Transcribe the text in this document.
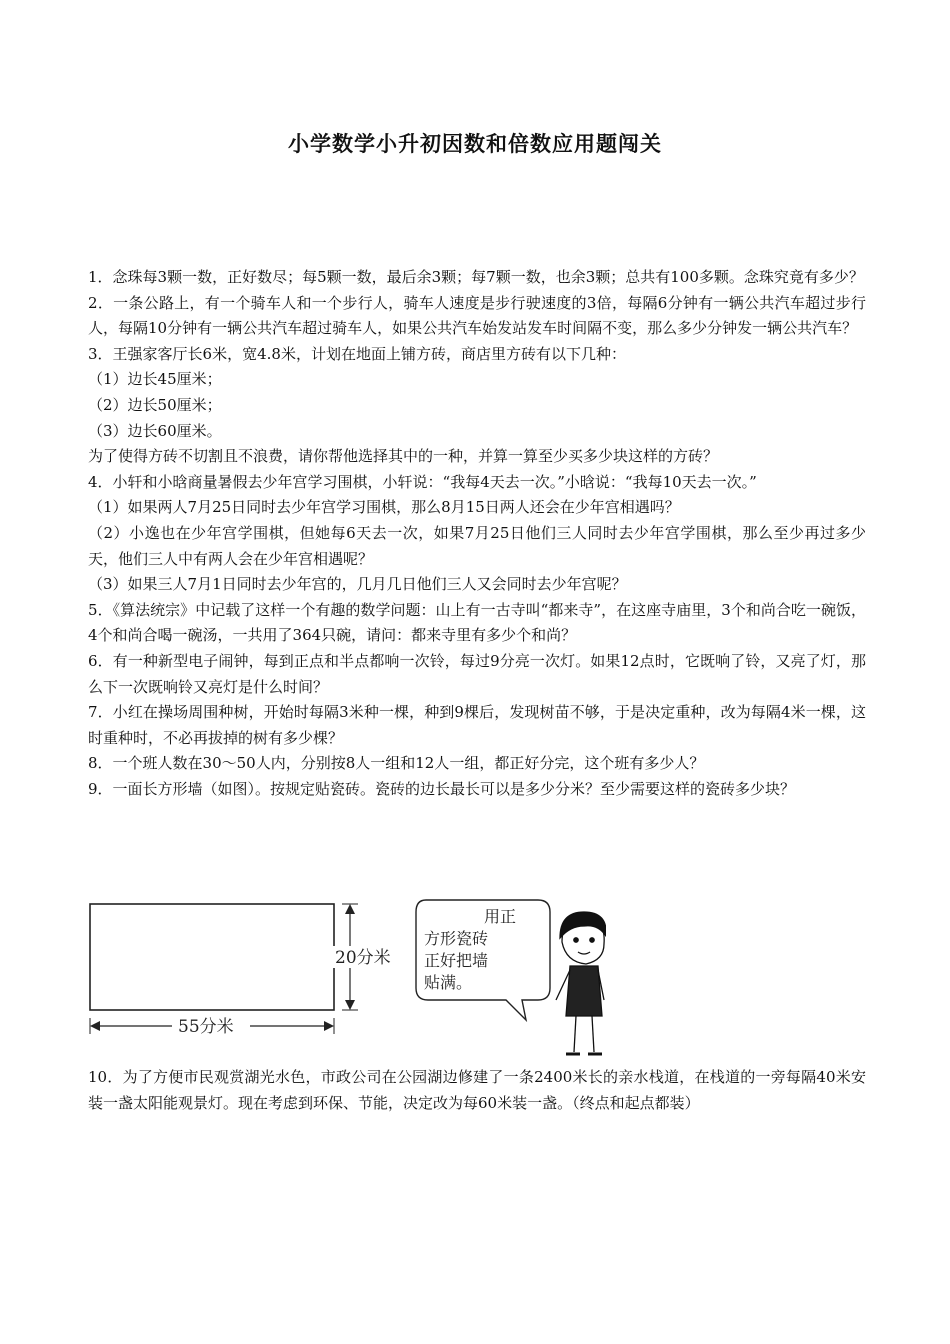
小学数学小升初因数和倍数应用题闯关

1．念珠每3颗一数，正好数尽；每5颗一数，最后余3颗；每7颗一数，也余3颗；总共有100多颗。念珠究竟有多少？

2．一条公路上，有一个骑车人和一个步行人，骑车人速度是步行驶速度的3倍，每隔6分钟有一辆公共汽车超过步行人，每隔10分钟有一辆公共汽车超过骑车人，如果公共汽车始发站发车时间隔不变，那么多少分钟发一辆公共汽车？

3．王强家客厅长6米，宽4.8米，计划在地面上铺方砖，商店里方砖有以下几种：

（1）边长45厘米；

（2）边长50厘米；

（3）边长60厘米。

为了使得方砖不切割且不浪费，请你帮他选择其中的一种，并算一算至少买多少块这样的方砖？

4．小轩和小晗商量暑假去少年宫学习围棋，小轩说：“我每4天去一次。”小晗说：“我每10天去一次。”

（1）如果两人7月25日同时去少年宫学习围棋，那么8月15日两人还会在少年宫相遇吗？

（2）小逸也在少年宫学围棋，但她每6天去一次，如果7月25日他们三人同时去少年宫学围棋，那么至少再过多少天，他们三人中有两人会在少年宫相遇呢？

（3）如果三人7月1日同时去少年宫的，几月几日他们三人又会同时去少年宫呢？

5．《算法统宗》中记载了这样一个有趣的数学问题：山上有一古寺叫“都来寺”，在这座寺庙里，3个和尚合吃一碗饭，4个和尚合喝一碗汤，一共用了364只碗，请问：都来寺里有多少个和尚？

6．有一种新型电子闹钟，每到正点和半点都响一次铃，每过9分亮一次灯。如果12点时，它既响了铃，又亮了灯，那么下一次既响铃又亮灯是什么时间？

7．小红在操场周围种树，开始时每隔3米种一棵，种到9棵后，发现树苗不够，于是决定重种，改为每隔4米一棵，这时重种时，不必再拔掉的树有多少棵？

8．一个班人数在30～50人内，分别按8人一组和12人一组，都正好分完，这个班有多少人？

9．一面长方形墙（如图）。按规定贴瓷砖。瓷砖的边长最长可以是多少分米？至少需要这样的瓷砖多少块？

20分米
55分米
用正
方形瓷砖
正好把墙
贴满。

10．为了方便市民观赏湖光水色，市政公司在公园湖边修建了一条2400米长的亲水栈道，在栈道的一旁每隔40米安装一盏太阳能观景灯。现在考虑到环保、节能，决定改为每60米装一盏。（终点和起点都装）
